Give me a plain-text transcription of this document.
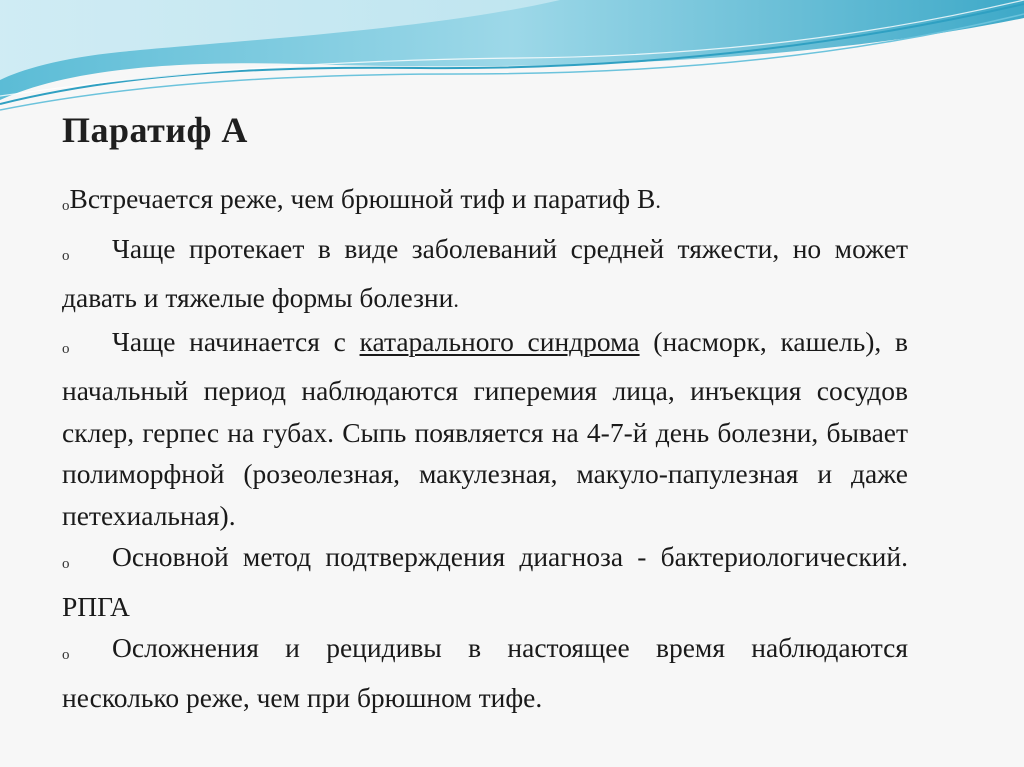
Паратиф А

oВстречается реже, чем брюшной тиф и паратиф В.

o Чаще протекает в виде заболеваний средней тяжести, но может давать и тяжелые формы болезни.

o Чаще начинается с катарального синдрома (насморк, кашель), в начальный период наблюдаются гиперемия лица, инъекция сосудов склер, герпес на губах. Сыпь появляется на 4-7-й день болезни, бывает полиморфной (розеолезная, макулезная, макуло-папулезная и даже петехиальная).

o Основной метод подтверждения диагноза - бактериологический. РПГА

o Осложнения и рецидивы в настоящее время наблюдаются несколько реже, чем при брюшном тифе.
